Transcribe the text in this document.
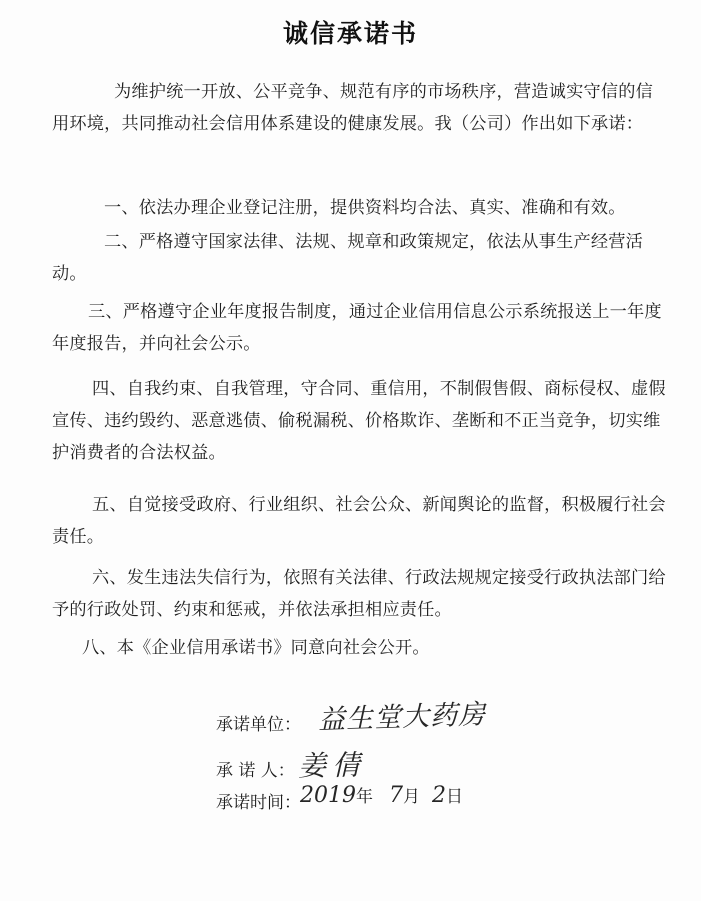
诚信承诺书

为维护统一开放、公平竞争、规范有序的市场秩序，营造诚实守信的信用环境，共同推动社会信用体系建设的健康发展。我（公司）作出如下承诺：

一、依法办理企业登记注册，提供资料均合法、真实、准确和有效。

二、严格遵守国家法律、法规、规章和政策规定，依法从事生产经营活动。

三、严格遵守企业年度报告制度，通过企业信用信息公示系统报送上一年度年度报告，并向社会公示。

四、自我约束、自我管理，守合同、重信用，不制假售假、商标侵权、虚假宣传、违约毁约、恶意逃债、偷税漏税、价格欺诈、垄断和不正当竞争，切实维护消费者的合法权益。

五、自觉接受政府、行业组织、社会公众、新闻舆论的监督，积极履行社会责任。

六、发生违法失信行为，依照有关法律、行政法规规定接受行政执法部门给予的行政处罚、约束和惩戒，并依法承担相应责任。

八、本《企业信用承诺书》同意向社会公开。

承诺单位： 益生堂大药房
承 诺 人： 姜倩
承诺时间： 2019年 7月 2日
